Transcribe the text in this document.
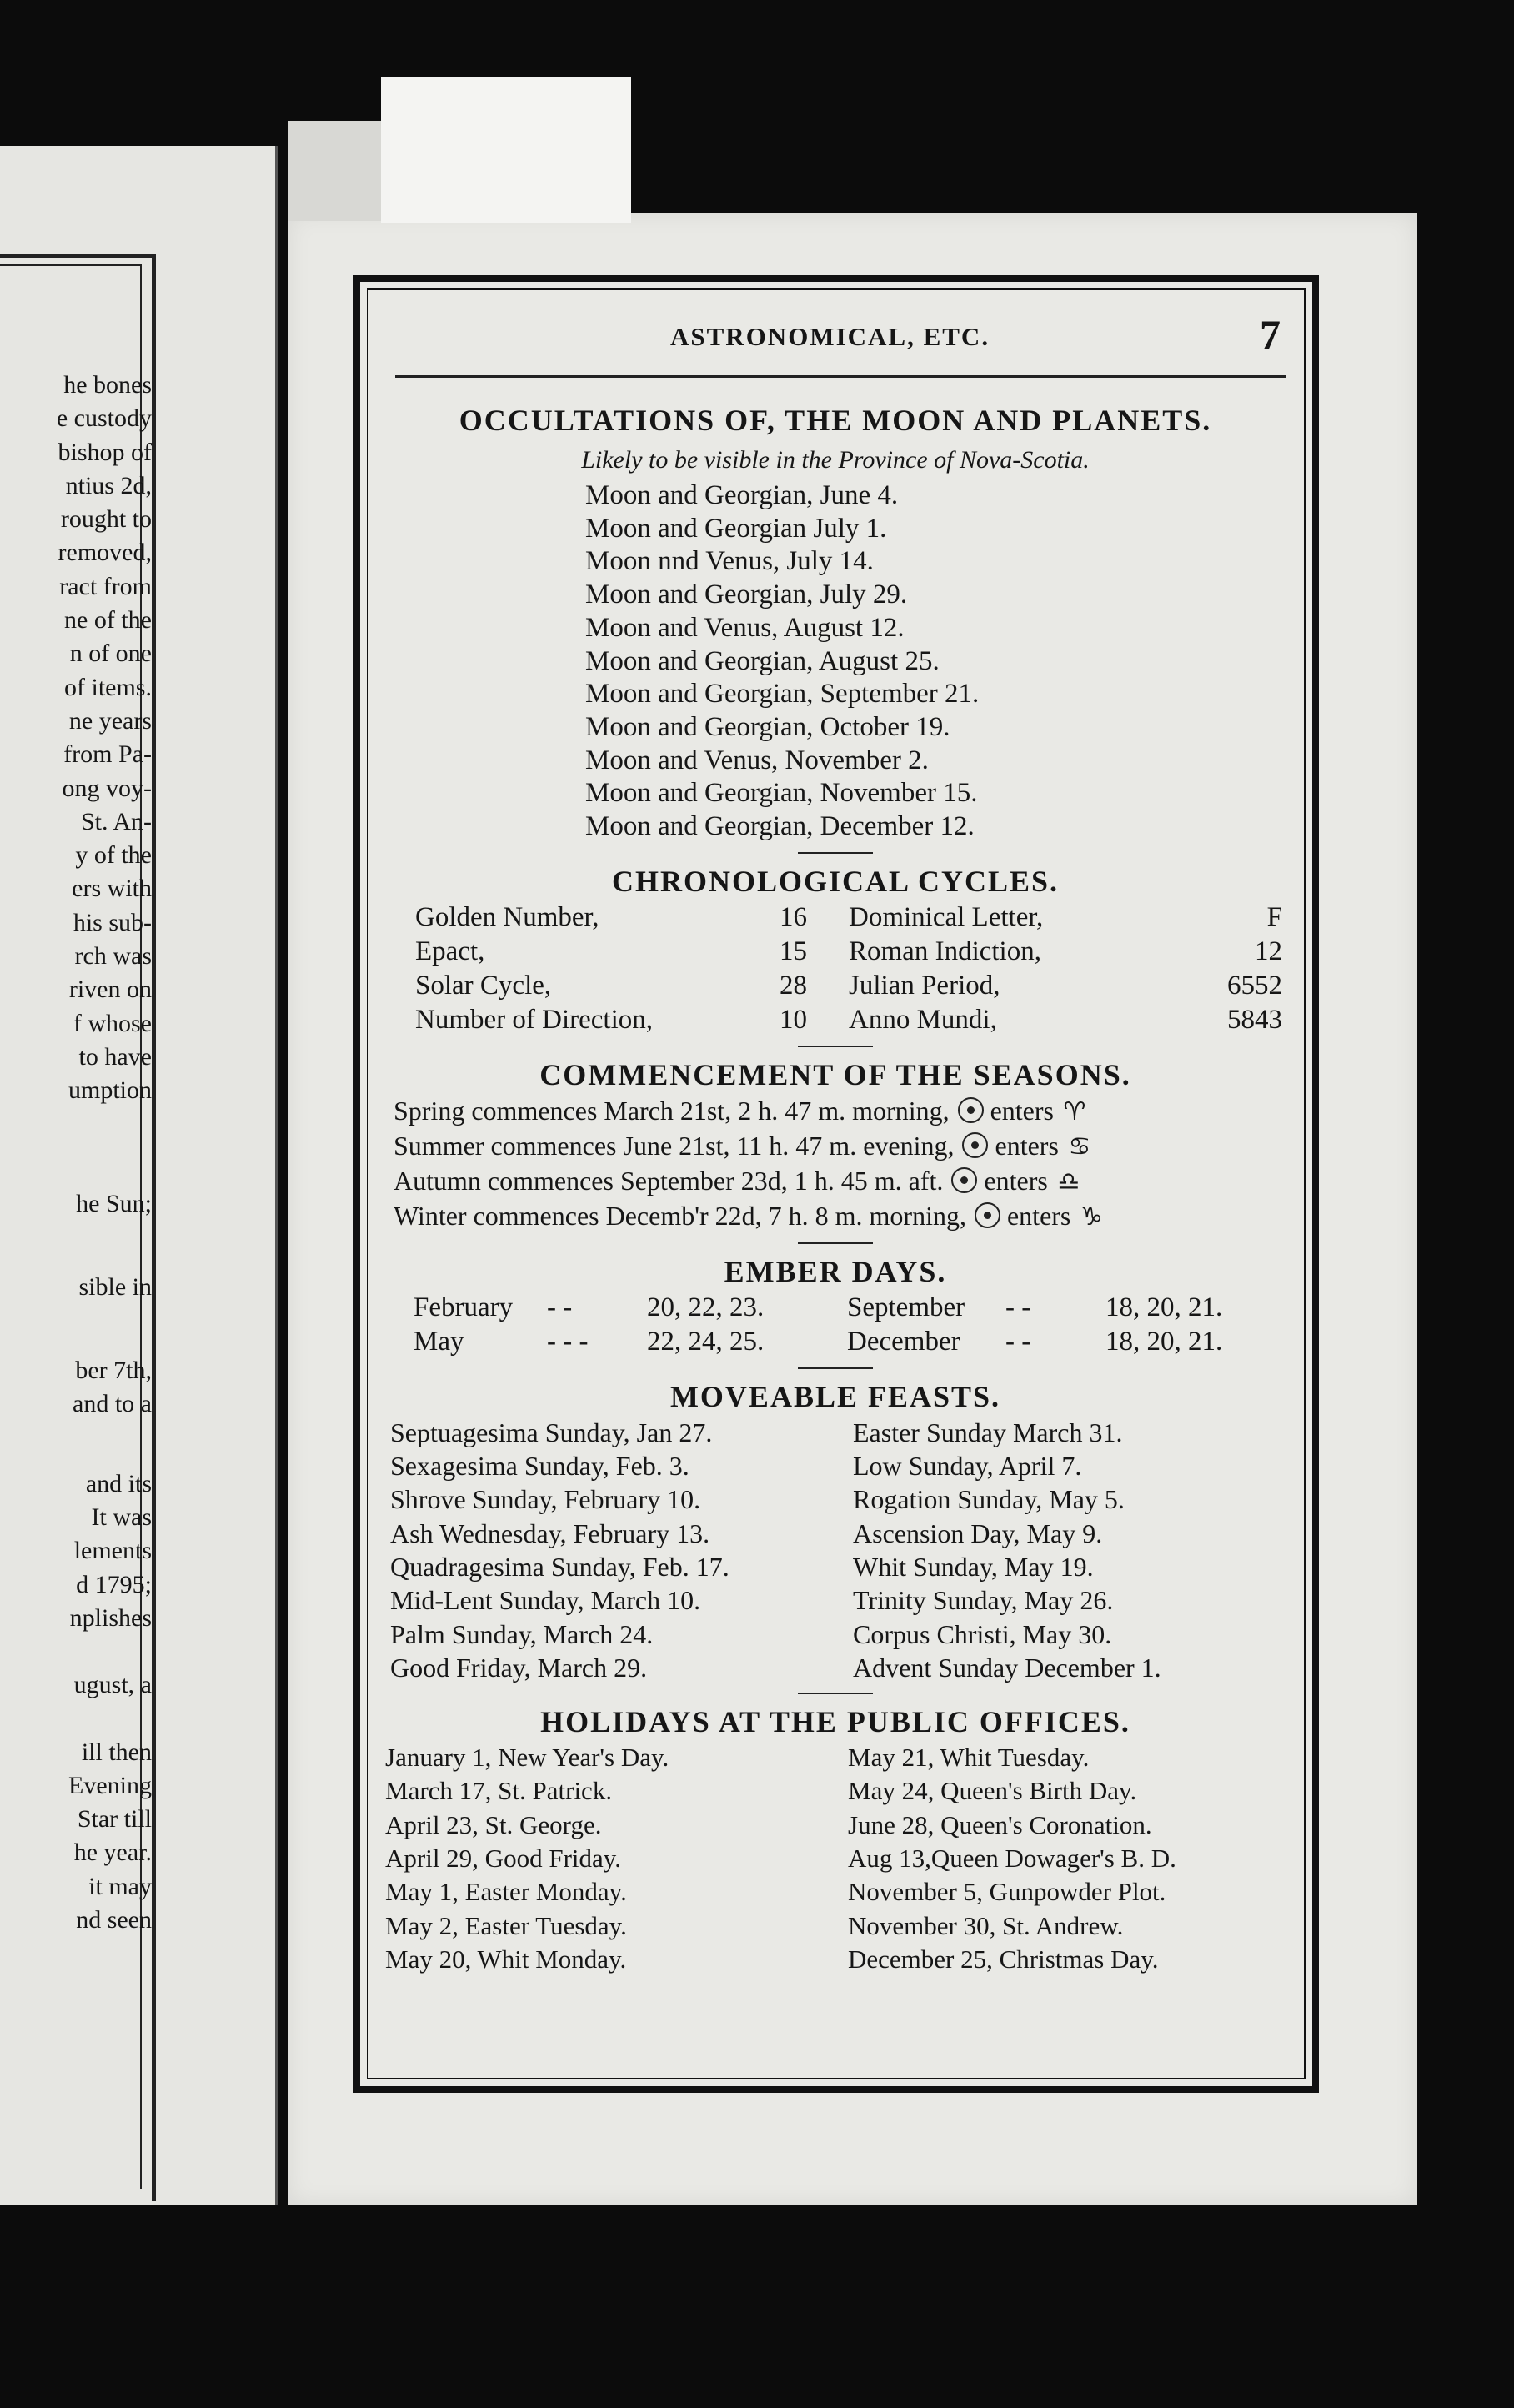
he bones
e custody
bishop of
ntius 2d,
rought to
removed,
ract from
ne of the
n of one
of items.
ne years
from Pa-
ong voy-
St. An-
y of the
ers with
his sub-
rch was
riven on
f whose
to have
umption
he Sun;
sible in
ber 7th,
and to a
and its
It was
lements
d 1795;
nplishes
ugust, a
ill then
Evening
Star till
he year.
it may
nd seen
ASTRONOMICAL, ETC.	7
OCCULTATIONS OF, THE MOON AND PLANETS.
Likely to be visible in the Province of Nova-Scotia.
Moon and Georgian, June 4.
Moon and Georgian July 1.
Moon nnd Venus, July 14.
Moon and Georgian, July 29.
Moon and Venus, August 12.
Moon and Georgian, August 25.
Moon and Georgian, September 21.
Moon and Georgian, October 19.
Moon and Venus, November 2.
Moon and Georgian, November 15.
Moon and Georgian, December 12.
CHRONOLOGICAL CYCLES.
Golden Number,	16	Dominical Letter,	F
Epact,	15	Roman Indiction,	12
Solar Cycle,	28	Julian Period,	6552
Number of Direction,	10	Anno Mundi,	5843
COMMENCEMENT OF THE SEASONS.
Spring commences March 21st, 2 h. 47 m. morning, enters ♈
Summer commences June 21st, 11 h. 47 m. evening, enters ♋
Autumn commences September 23d, 1 h. 45 m. aft. enters ♎
Winter commences Decemb'r 22d, 7 h. 8 m. morning, enters ♑
EMBER DAYS.
February	- -	20, 22, 23.	September	- -	18, 20, 21.
May	- - -	22, 24, 25.	December	- -	18, 20, 21.
MOVEABLE FEASTS.
Septuagesima Sunday, Jan 27.	Easter Sunday March 31.
Sexagesima Sunday, Feb. 3.	Low Sunday, April 7.
Shrove Sunday, February 10.	Rogation Sunday, May 5.
Ash Wednesday, February 13.	Ascension Day, May 9.
Quadragesima Sunday, Feb. 17.	Whit Sunday, May 19.
Mid-Lent Sunday, March 10.	Trinity Sunday, May 26.
Palm Sunday, March 24.	Corpus Christi, May 30.
Good Friday, March 29.	Advent Sunday December 1.
HOLIDAYS AT THE PUBLIC OFFICES.
January 1, New Year's Day.	May 21, Whit Tuesday.
March 17, St. Patrick.	May 24, Queen's Birth Day.
April 23, St. George.	June 28, Queen's Coronation.
April 29, Good Friday.	Aug 13,Queen Dowager's B. D.
May 1, Easter Monday.	November 5, Gunpowder Plot.
May 2, Easter Tuesday.	November 30, St. Andrew.
May 20, Whit Monday.	December 25, Christmas Day.
